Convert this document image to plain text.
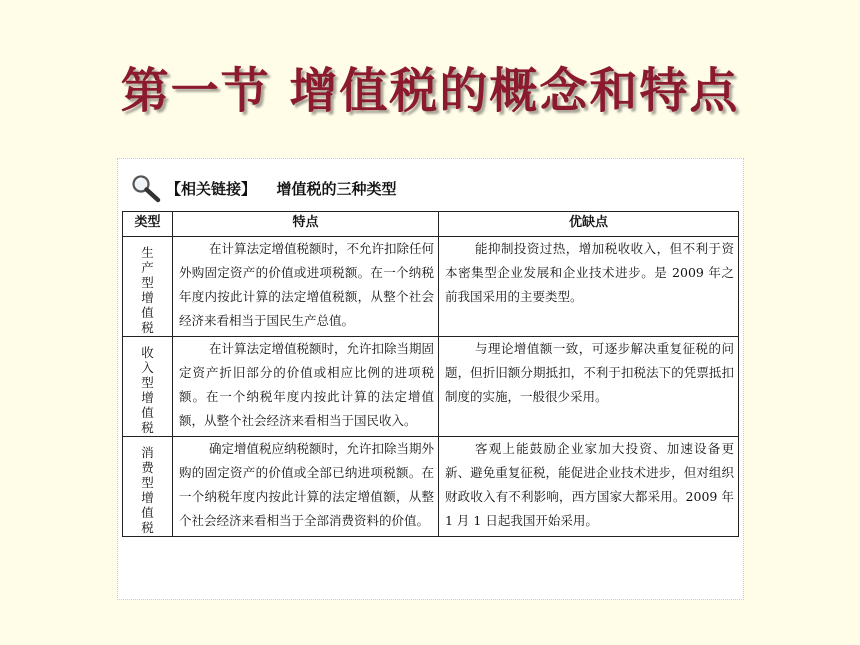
第一节 增值税的概念和特点
【相关链接】 增值税的三种类型
类型	特点	优缺点

生产型增值税	在计算法定增值税额时，不允许扣除任何外购固定资产的价值或进项税额。在一个纳税年度内按此计算的法定增值税额，从整个社会经济来看相当于国民生产总值。	能抑制投资过热，增加税收收入，但不利于资本密集型企业发展和企业技术进步。是 2009 年之前我国采用的主要类型。

收入型增值税	在计算法定增值税额时，允许扣除当期固定资产折旧部分的价值或相应比例的进项税额。在一个纳税年度内按此计算的法定增值额，从整个社会经济来看相当于国民收入。	与理论增值额一致，可逐步解决重复征税的问题，但折旧额分期抵扣，不利于扣税法下的凭票抵扣制度的实施，一般很少采用。

消费型增值税	确定增值税应纳税额时，允许扣除当期外购的固定资产的价值或全部已纳进项税额。在一个纳税年度内按此计算的法定增值额，从整个社会经济来看相当于全部消费资料的价值。	客观上能鼓励企业家加大投资、加速设备更新、避免重复征税，能促进企业技术进步，但对组织财政收入有不利影响，西方国家大都采用。2009 年 1 月 1 日起我国开始采用。
